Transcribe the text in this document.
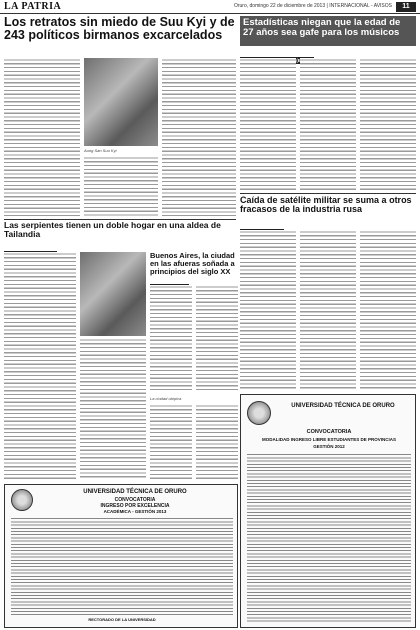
LA PATRIA	Oruro, domingo 22 de diciembre de 2013 | INTERNACIONAL - AVISOS	11
Los retratos sin miedo de Suu Kyi y de 243 políticos birmanos excarcelados
Aung San Suu Kyi
Estadísticas niegan que la edad de 27 años sea gafe para los músicos
Caída de satélite militar se suma a otros fracasos de la industria rusa
Las serpientes tienen un doble hogar en una aldea de Tailandia
Buenos Aires, la ciudad en las afueras soñada a principios del siglo XX
La ciudad utópica
UNIVERSIDAD TÉCNICA DE ORURO
CONVOCATORIA
INGRESO POR EXCELENCIA
ACADÉMICA - GESTIÓN 2013
RECTORADO DE LA UNIVERSIDAD
UNIVERSIDAD TÉCNICA DE ORURO
CONVOCATORIA
MODALIDAD INGRESO LIBRE ESTUDIANTES DE PROVINCIAS
GESTIÓN 2012
